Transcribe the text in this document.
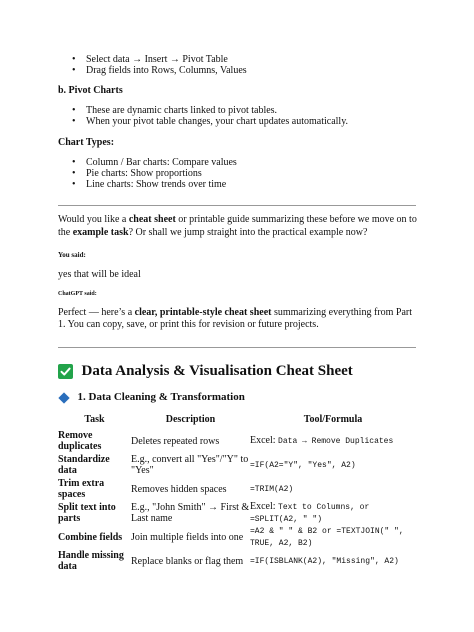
• Select data → Insert → Pivot Table
• Drag fields into Rows, Columns, Values
b. Pivot Charts
• These are dynamic charts linked to pivot tables.
• When your pivot table changes, your chart updates automatically.
Chart Types:
• Column / Bar charts: Compare values
• Pie charts: Show proportions
• Line charts: Show trends over time

Would you like a cheat sheet or printable guide summarizing these before we move on to the example task? Or shall we jump straight into the practical example now?

You said:
yes that will be ideal
ChatGPT said:

Perfect — here’s a clear, printable-style cheat sheet summarizing everything from Part 1. You can copy, save, or print this for revision or future projects.

Data Analysis & Visualisation Cheat Sheet
1. Data Cleaning & Transformation
Task	Description	Tool/Formula
Remove duplicates	Deletes repeated rows	Excel: Data → Remove Duplicates
Standardize data	E.g., convert all "Yes"/"Y" to "Yes"	=IF(A2="Y", "Yes", A2)
Trim extra spaces	Removes hidden spaces	=TRIM(A2)
Split text into parts	E.g., "John Smith" → First & Last name	Excel: Text to Columns, or =SPLIT(A2, " ")
Combine fields	Join multiple fields into one	=A2 & " " & B2 or =TEXTJOIN(" ", TRUE, A2, B2)
Handle missing data	Replace blanks or flag them	=IF(ISBLANK(A2), "Missing", A2)
